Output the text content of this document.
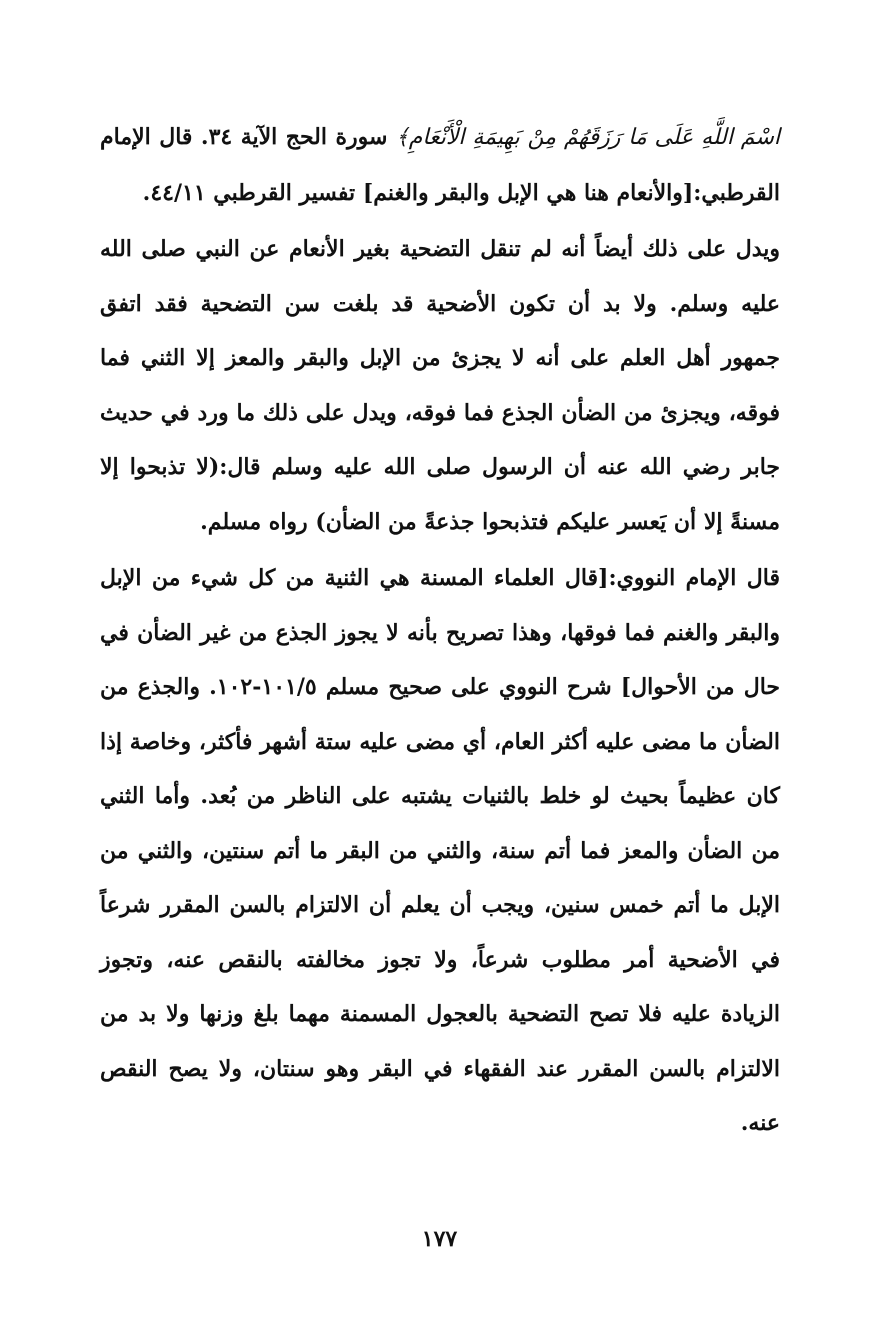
اسْمَ اللَّهِ عَلَى مَا رَزَقَهُمْ مِنْ بَهِيمَةِ الْأَنْعَامِ﴾ سورة الحج الآية ٣٤. قال الإمام القرطبي:[والأنعام هنا هي الإبل والبقر والغنم] تفسير القرطبي ٤٤/١١.

ويدل على ذلك أيضاً أنه لم تنقل التضحية بغير الأنعام عن النبي صلى الله عليه وسلم. ولا بد أن تكون الأضحية قد بلغت سن التضحية فقد اتفق جمهور أهل العلم على أنه لا يجزئ من الإبل والبقر والمعز إلا الثني فما فوقه، ويجزئ من الضأن الجذع فما فوقه، ويدل على ذلك ما ورد في حديث جابر رضي الله عنه أن الرسول صلى الله عليه وسلم قال:(لا تذبحوا إلا مسنةً إلا أن يَعسر عليكم فتذبحوا جذعةً من الضأن) رواه مسلم.

قال الإمام النووي:[قال العلماء المسنة هي الثنية من كل شيء من الإبل والبقر والغنم فما فوقها، وهذا تصريح بأنه لا يجوز الجذع من غير الضأن في حال من الأحوال] شرح النووي على صحيح مسلم ١٠١/٥-١٠٢. والجذع من الضأن ما مضى عليه أكثر العام، أي مضى عليه ستة أشهر فأكثر، وخاصة إذا كان عظيماً بحيث لو خلط بالثنيات يشتبه على الناظر من بُعد. وأما الثني من الضأن والمعز فما أتم سنة، والثني من البقر ما أتم سنتين، والثني من الإبل ما أتم خمس سنين، ويجب أن يعلم أن الالتزام بالسن المقرر شرعاً في الأضحية أمر مطلوب شرعاً، ولا تجوز مخالفته بالنقص عنه، وتجوز الزيادة عليه فلا تصح التضحية بالعجول المسمنة مهما بلغ وزنها ولا بد من الالتزام بالسن المقرر عند الفقهاء في البقر وهو سنتان، ولا يصح النقص عنه.

١٧٧
